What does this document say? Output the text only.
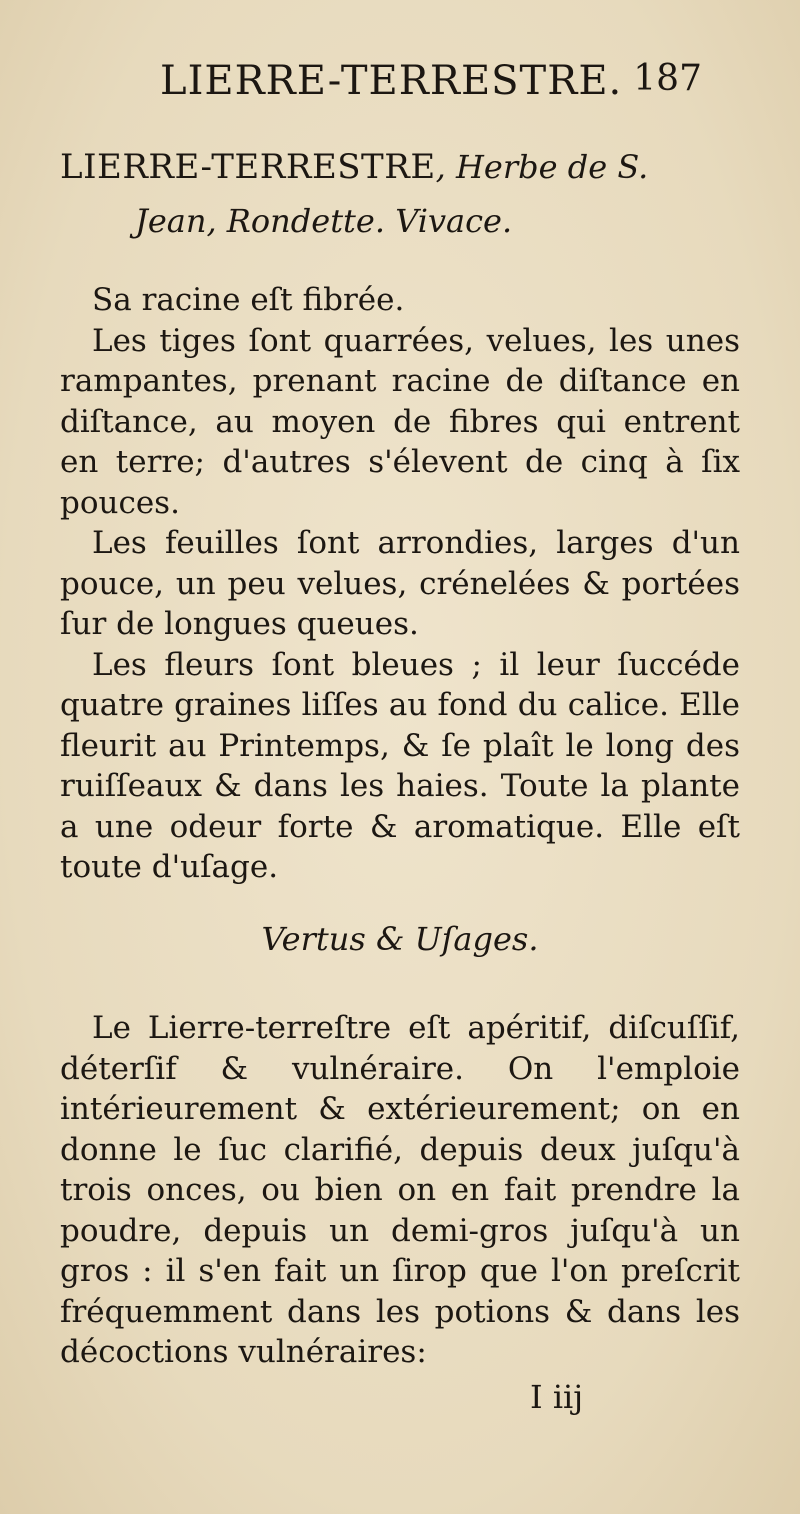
LIERRE-TERRESTRE. 187
LIERRE-TERRESTRE, Herbe de S.
Jean, Rondette. Vivace.

Sa racine eſt fibrée.

Les tiges ſont quarrées, velues, les unes rampantes, prenant racine de diſtance en diſtance, au moyen de fibres qui entrent en terre; d'autres s'élevent de cinq à ſix pouces.

Les feuilles ſont arrondies, larges d'un pouce, un peu velues, crénelées & portées ſur de longues queues.

Les fleurs ſont bleues ; il leur ſuccéde quatre graines liſſes au fond du calice. Elle fleurit au Printemps, & ſe plaît le long des ruiſſeaux & dans les haies. Toute la plante a une odeur forte & aromatique. Elle eſt toute d'uſage.

Vertus & Uſages.

Le Lierre-terreſtre eſt apéritif, diſcuſſif, déterſif & vulnéraire. On l'emploie intérieurement & extérieurement; on en donne le ſuc clarifié, depuis deux juſqu'à trois onces, ou bien on en fait prendre la poudre, depuis un demi-gros juſqu'à un gros : il s'en fait un ſirop que l'on preſcrit fréquemment dans les potions & dans les décoctions vulnéraires:

I iij
